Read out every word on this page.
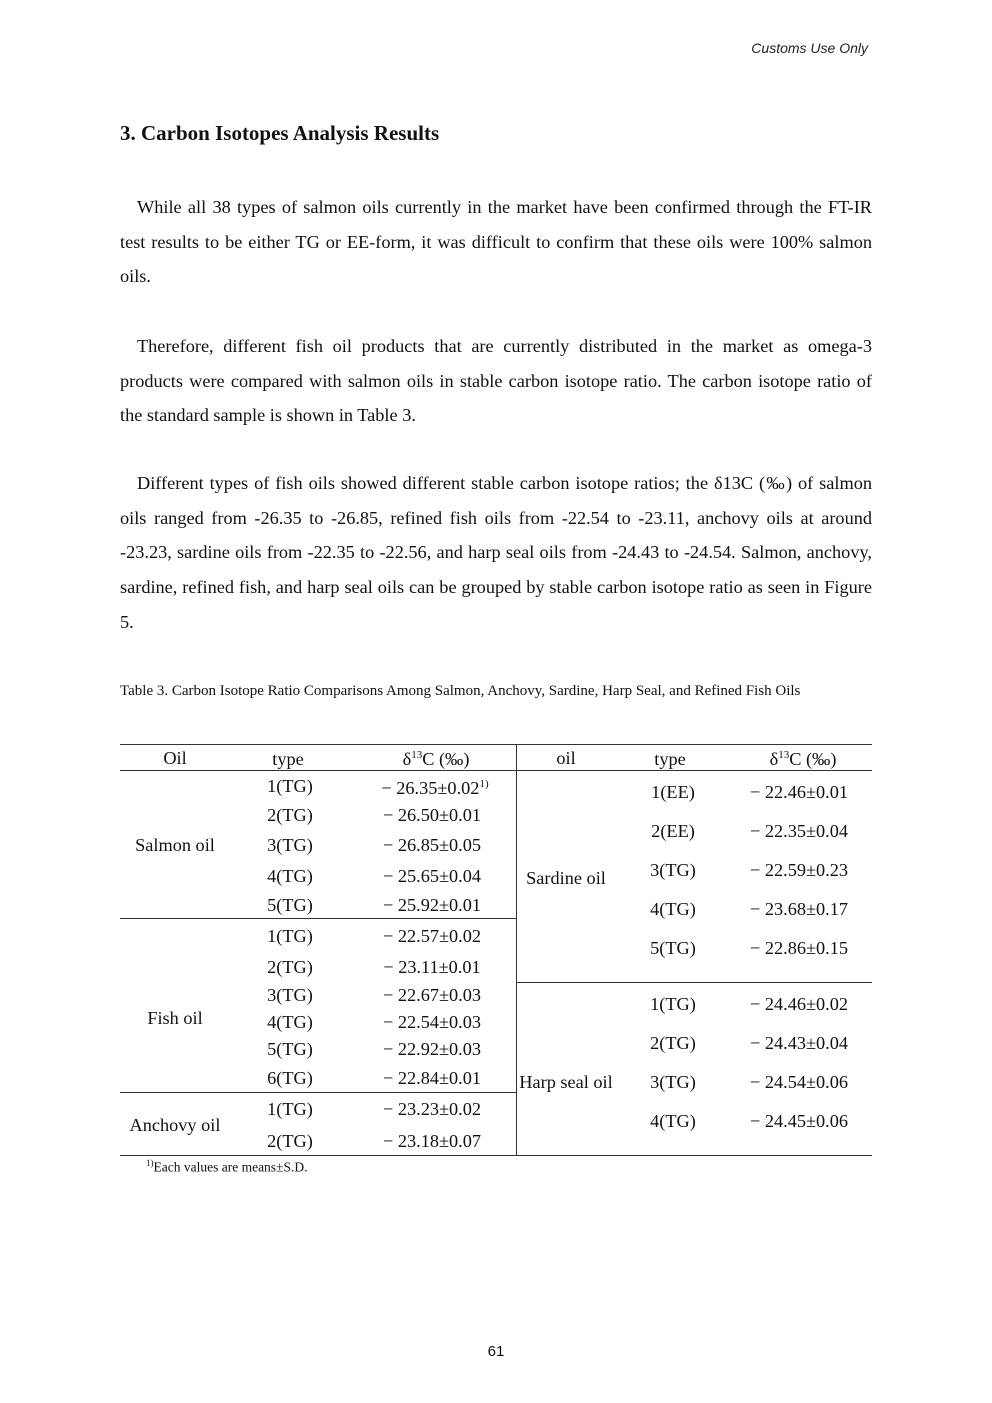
Customs Use Only
3. Carbon Isotopes Analysis Results

While all 38 types of salmon oils currently in the market have been confirmed through the FT-IR test results to be either TG or EE-form, it was difficult to confirm that these oils were 100% salmon oils.

Therefore, different fish oil products that are currently distributed in the market as omega-3 products were compared with salmon oils in stable carbon isotope ratio. The carbon isotope ratio of the standard sample is shown in Table 3.

Different types of fish oils showed different stable carbon isotope ratios; the δ13C (‰) of salmon oils ranged from -26.35 to -26.85, refined fish oils from -22.54 to -23.11, anchovy oils at around -23.23, sardine oils from -22.35 to -22.56, and harp seal oils from -24.43 to -24.54. Salmon, anchovy, sardine, refined fish, and harp seal oils can be grouped by stable carbon isotope ratio as seen in Figure 5.

Table 3. Carbon Isotope Ratio Comparisons Among Salmon, Anchovy, Sardine, Harp Seal, and Refined Fish Oils

Oil	type	$\delta^{13}C$ (‰)	oil	type	$\delta^{13}C$ (‰)
Salmon oil
1(TG)	− $26.35\pm 0.02^{1)}$
2(TG)	− 26.50±0.01
3(TG)	− 26.85±0.05
4(TG)	− 25.65±0.04
5(TG)	− 25.92±0.01
Fish oil
1(TG)	− 22.57±0.02
2(TG)	− 23.11±0.01
3(TG)	− 22.67±0.03
4(TG)	− 22.54±0.03
5(TG)	− 22.92±0.03
6(TG)	− 22.84±0.01
Anchovy oil
1(TG)	− 23.23±0.02
2(TG)	− 23.18±0.07
Sardine oil
1(EE)	− 22.46±0.01
2(EE)	− 22.35±0.04
3(TG)	− 22.59±0.23
4(TG)	− 23.68±0.17
5(TG)	− 22.86±0.15
Harp seal oil
1(TG)	− 24.46±0.02
2(TG)	− 24.43±0.04
3(TG)	− 24.54±0.06
4(TG)	− 24.45±0.06
$^{1)}$Each values are means±S.D.
61
